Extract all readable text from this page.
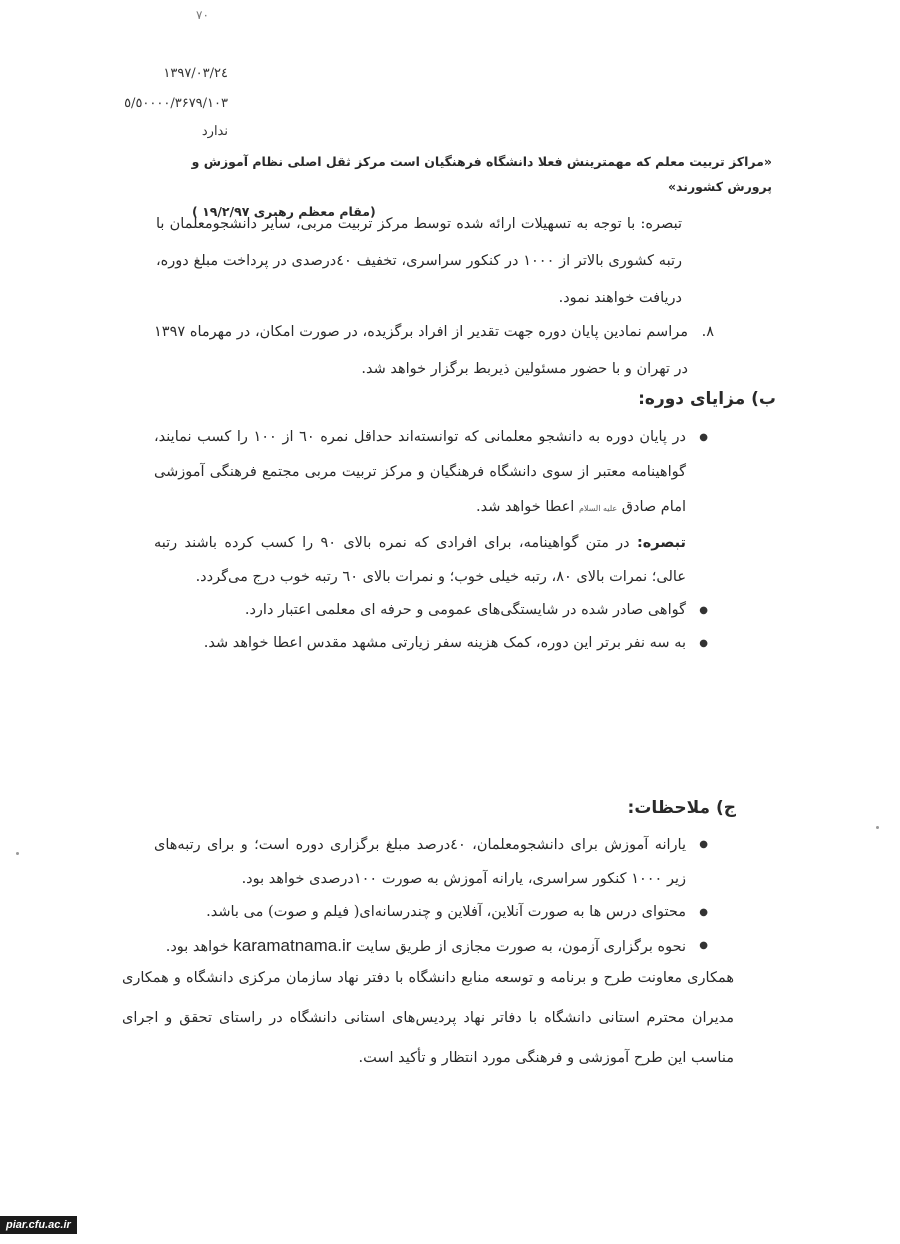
٧٠
١٣٩٧/٠٣/٢٤
٥/٥٠٠٠٠/٣۶٧٩/١٠٣
ندارد
«مراکز تربیت معلم که مهمترینش فعلا دانشگاه فرهنگیان است مرکز ثقل اصلی نظام آموزش و پرورش کشورند»
(مقام معظم رهبری ١٩/٢/٩٧ )
تبصره: با توجه به تسهیلات ارائه شده توسط مرکز تربیت مربی، سایر دانشجومعلمان با رتبه کشوری بالاتر از ١٠٠٠ در کنکور سراسری، تخفیف ٤٠درصدی در پرداخت مبلغ دوره، دریافت خواهند نمود.
٨.
مراسم نمادین پایان دوره جهت تقدیر از افراد برگزیده، در صورت امکان، در مهرماه ١٣٩٧ در تهران و با حضور مسئولین ذیربط برگزار خواهد شد.
ب) مزایای دوره:
● در پایان دوره به دانشجو معلمانی که توانسته‌اند حداقل نمره ٦٠ از ١٠٠ را کسب نمایند، گواهینامه معتبر از سوی دانشگاه فرهنگیان و مرکز تربیت مربی مجتمع فرهنگی آموزشی امام صادق علیه السلام اعطا خواهد شد.
تبصره: در متن گواهینامه، برای افرادی که نمره بالای ٩٠ را کسب کرده باشند رتبه عالی؛ نمرات بالای ٨٠، رتبه خیلی خوب؛ و نمرات بالای ٦٠ رتبه خوب درج می‌گردد.
● گواهی صادر شده در شایستگی‌های عمومی و حرفه ای معلمی اعتبار دارد.
● به سه نفر برتر این دوره، کمک هزینه سفر زیارتی مشهد مقدس اعطا خواهد شد.
ج) ملاحظات:
● یارانه آموزش برای دانشجومعلمان، ٤٠درصد مبلغ برگزاری دوره است؛ و برای رتبه‌های زیر ١٠٠٠ کنکور سراسری، یارانه آموزش به صورت ١٠٠درصدی خواهد بود.
● محتوای درس ها به صورت آنلاین، آفلاین و چندرسانه‌ای( فیلم و صوت) می باشد.
● نحوه برگزاری آزمون، به صورت مجازی از طریق سایت karamatnama.ir خواهد بود.
همکاری معاونت طرح و برنامه و توسعه منابع دانشگاه با دفتر نهاد سازمان مرکزی دانشگاه و همکاری مدیران محترم استانی دانشگاه با دفاتر نهاد پردیس‌های استانی دانشگاه در راستای تحقق و اجرای مناسب این طرح آموزشی و فرهنگی مورد انتظار و تأکید است.
piar.cfu.ac.ir
